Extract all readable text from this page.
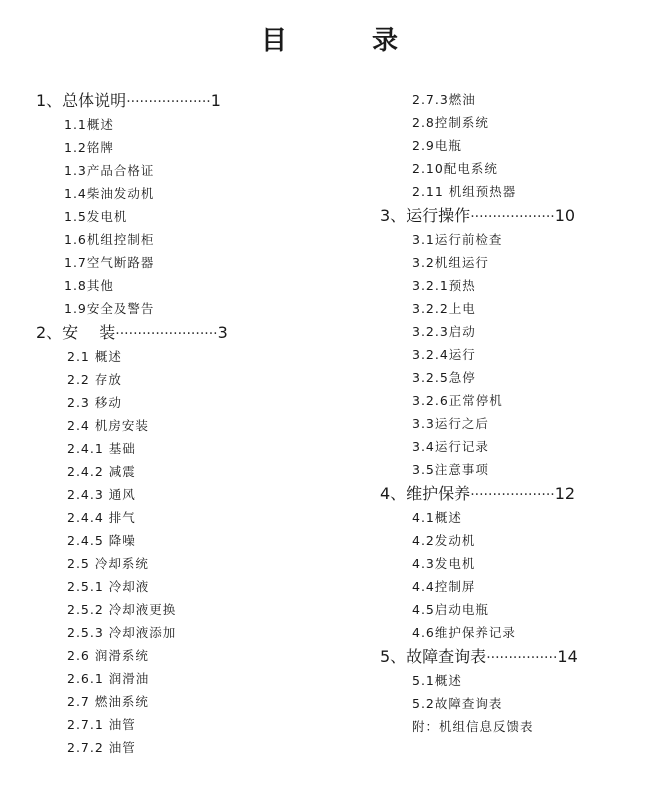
目 录
1、总体说明···················1
1.1概述
1.2铭牌
1.3产品合格证
1.4柴油发动机
1.5发电机
1.6机组控制柜
1.7空气断路器
1.8其他
1.9安全及警告
2、安　 装·······················3
2.1 概述
2.2 存放
2.3 移动
2.4 机房安装
2.4.1 基础
2.4.2 减震
2.4.3 通风
2.4.4 排气
2.4.5 降噪
2.5 冷却系统
2.5.1 冷却液
2.5.2 冷却液更换
2.5.3 冷却液添加
2.6 润滑系统
2.6.1 润滑油
2.7 燃油系统
2.7.1 油管
2.7.2 油管
2.7.3燃油
2.8控制系统
2.9电瓶
2.10配电系统
2.11 机组预热器
3、运行操作···················10
3.1运行前检查
3.2机组运行
3.2.1预热
3.2.2上电
3.2.3启动
3.2.4运行
3.2.5急停
3.2.6正常停机
3.3运行之后
3.4运行记录
3.5注意事项
4、维护保养···················12
4.1概述
4.2发动机
4.3发电机
4.4控制屏
4.5启动电瓶
4.6维护保养记录
5、故障查询表················14
5.1概述
5.2故障查询表
附：机组信息反馈表
